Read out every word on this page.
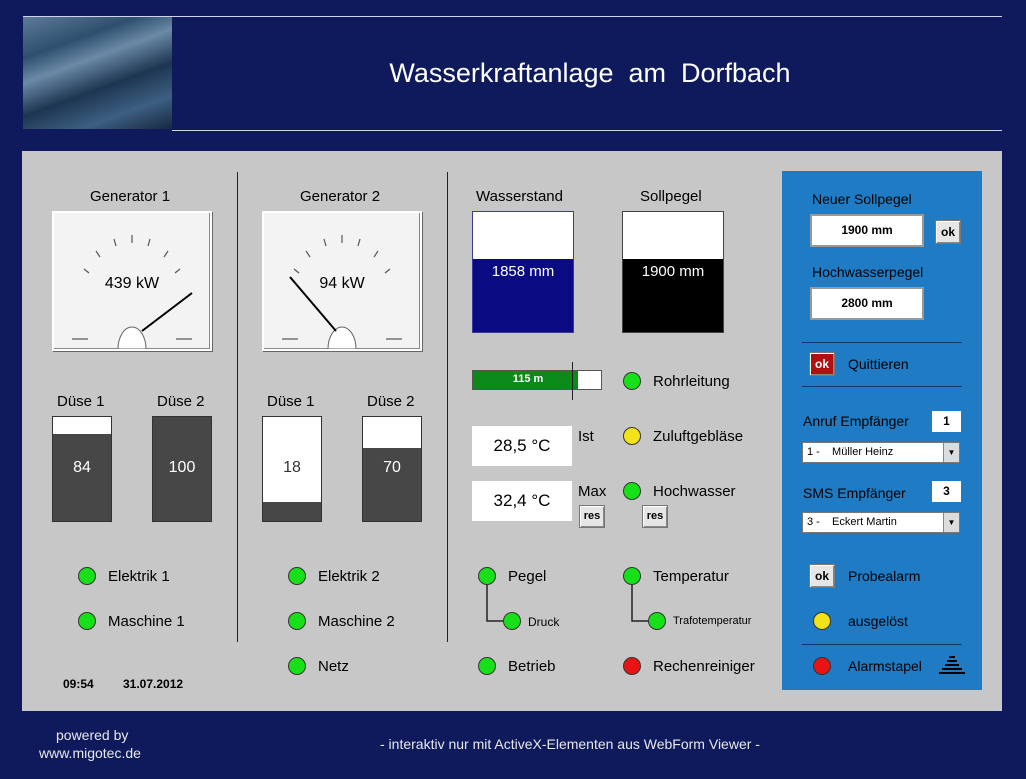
Wasserkraftanlage  am  Dorfbach
Generator 1
439 kW
Düse 1	Düse 2
84	100
Elektrik 1
Maschine 1
09:54 31.07.2012
Generator 2
94 kW
Düse 1	Düse 2
18	70
Elektrik 2
Maschine 2
Netz
Wasserstand
1858 mm
Sollpegel
1900 mm
115 m	Rohrleitung
28,5 °C	Ist	Zuluftgebläse
32,4 °C	Max
res
Hochwasser
res
Pegel
Druck
Temperatur
Trafotemperatur
Betrieb	Rechenreiniger
Neuer Sollpegel
1900 mm	ok
Hochwasserpegel
2800 mm
ok	Quittieren
Anruf Empfänger	1
1 -    Müller Heinz	▼
SMS Empfänger	3
3 -    Eckert Martin	▼
ok	Probealarm
ausgelöst
Alarmstapel
powered by
www.migotec.de
- interaktiv nur mit ActiveX-Elementen aus WebForm Viewer -
